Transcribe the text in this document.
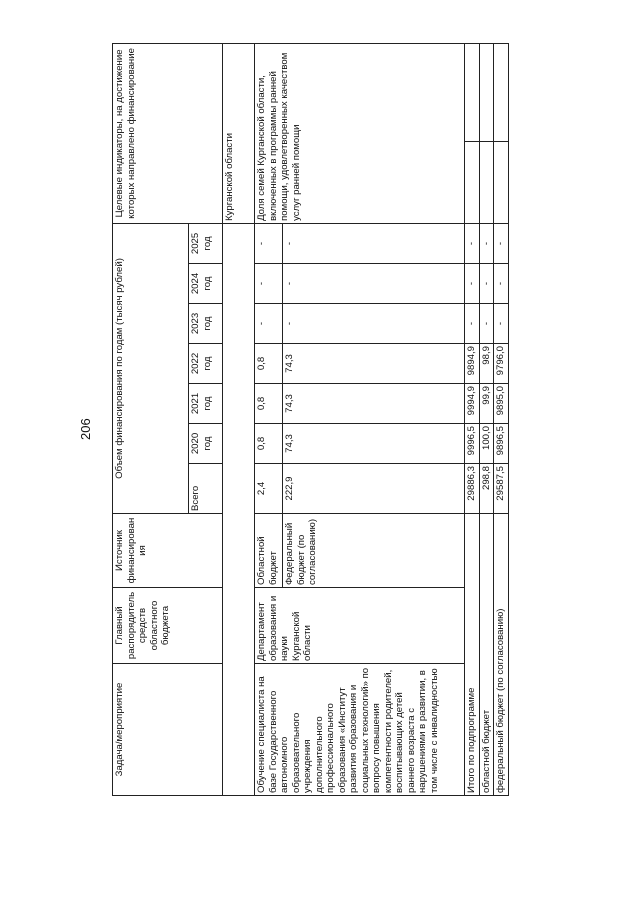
206
Задача/мероприятие	Главный распорядитель средств областного бюджета	Источник финансирования	Объем финансирования по годам (тысяч рублей)							Целевые индикаторы, на достижение которых направлено финансирование	
			Всего	2020 год	2021 год	2022 год	2023 год	2024 год	2025 год		
										Курганской области	
Обучение специалиста на базе Государственного автономного образовательного учреждения дополнительного профессионального образования «Институт развития образования и социальных технологий» по вопросу повышения компетентности родителей, воспитывающих детей раннего возраста с нарушениями в развитии, в том числе с инвалидностью	Департамент образования и науки Курганской области	Областной бюджет	2,4	0,8	0,8	0,8	-	-	-	Доля семей Курганской области, включенных в программы ранней помощи, удовлетворенных качеством услуг ранней помощи	
		Федеральный бюджет (по согласованию)	222,9	74,3	74,3	74,3	-	-	-		
Итого по подпрограмме			29886,3	9996,5	9994,9	9894,9	-	-	-		
областной бюджет			298,8	100,0	99,9	98,9	-	-	-		
федеральный бюджет (по согласованию)			29587,5	9896,5	9895,0	9796,0	-	-	-		
